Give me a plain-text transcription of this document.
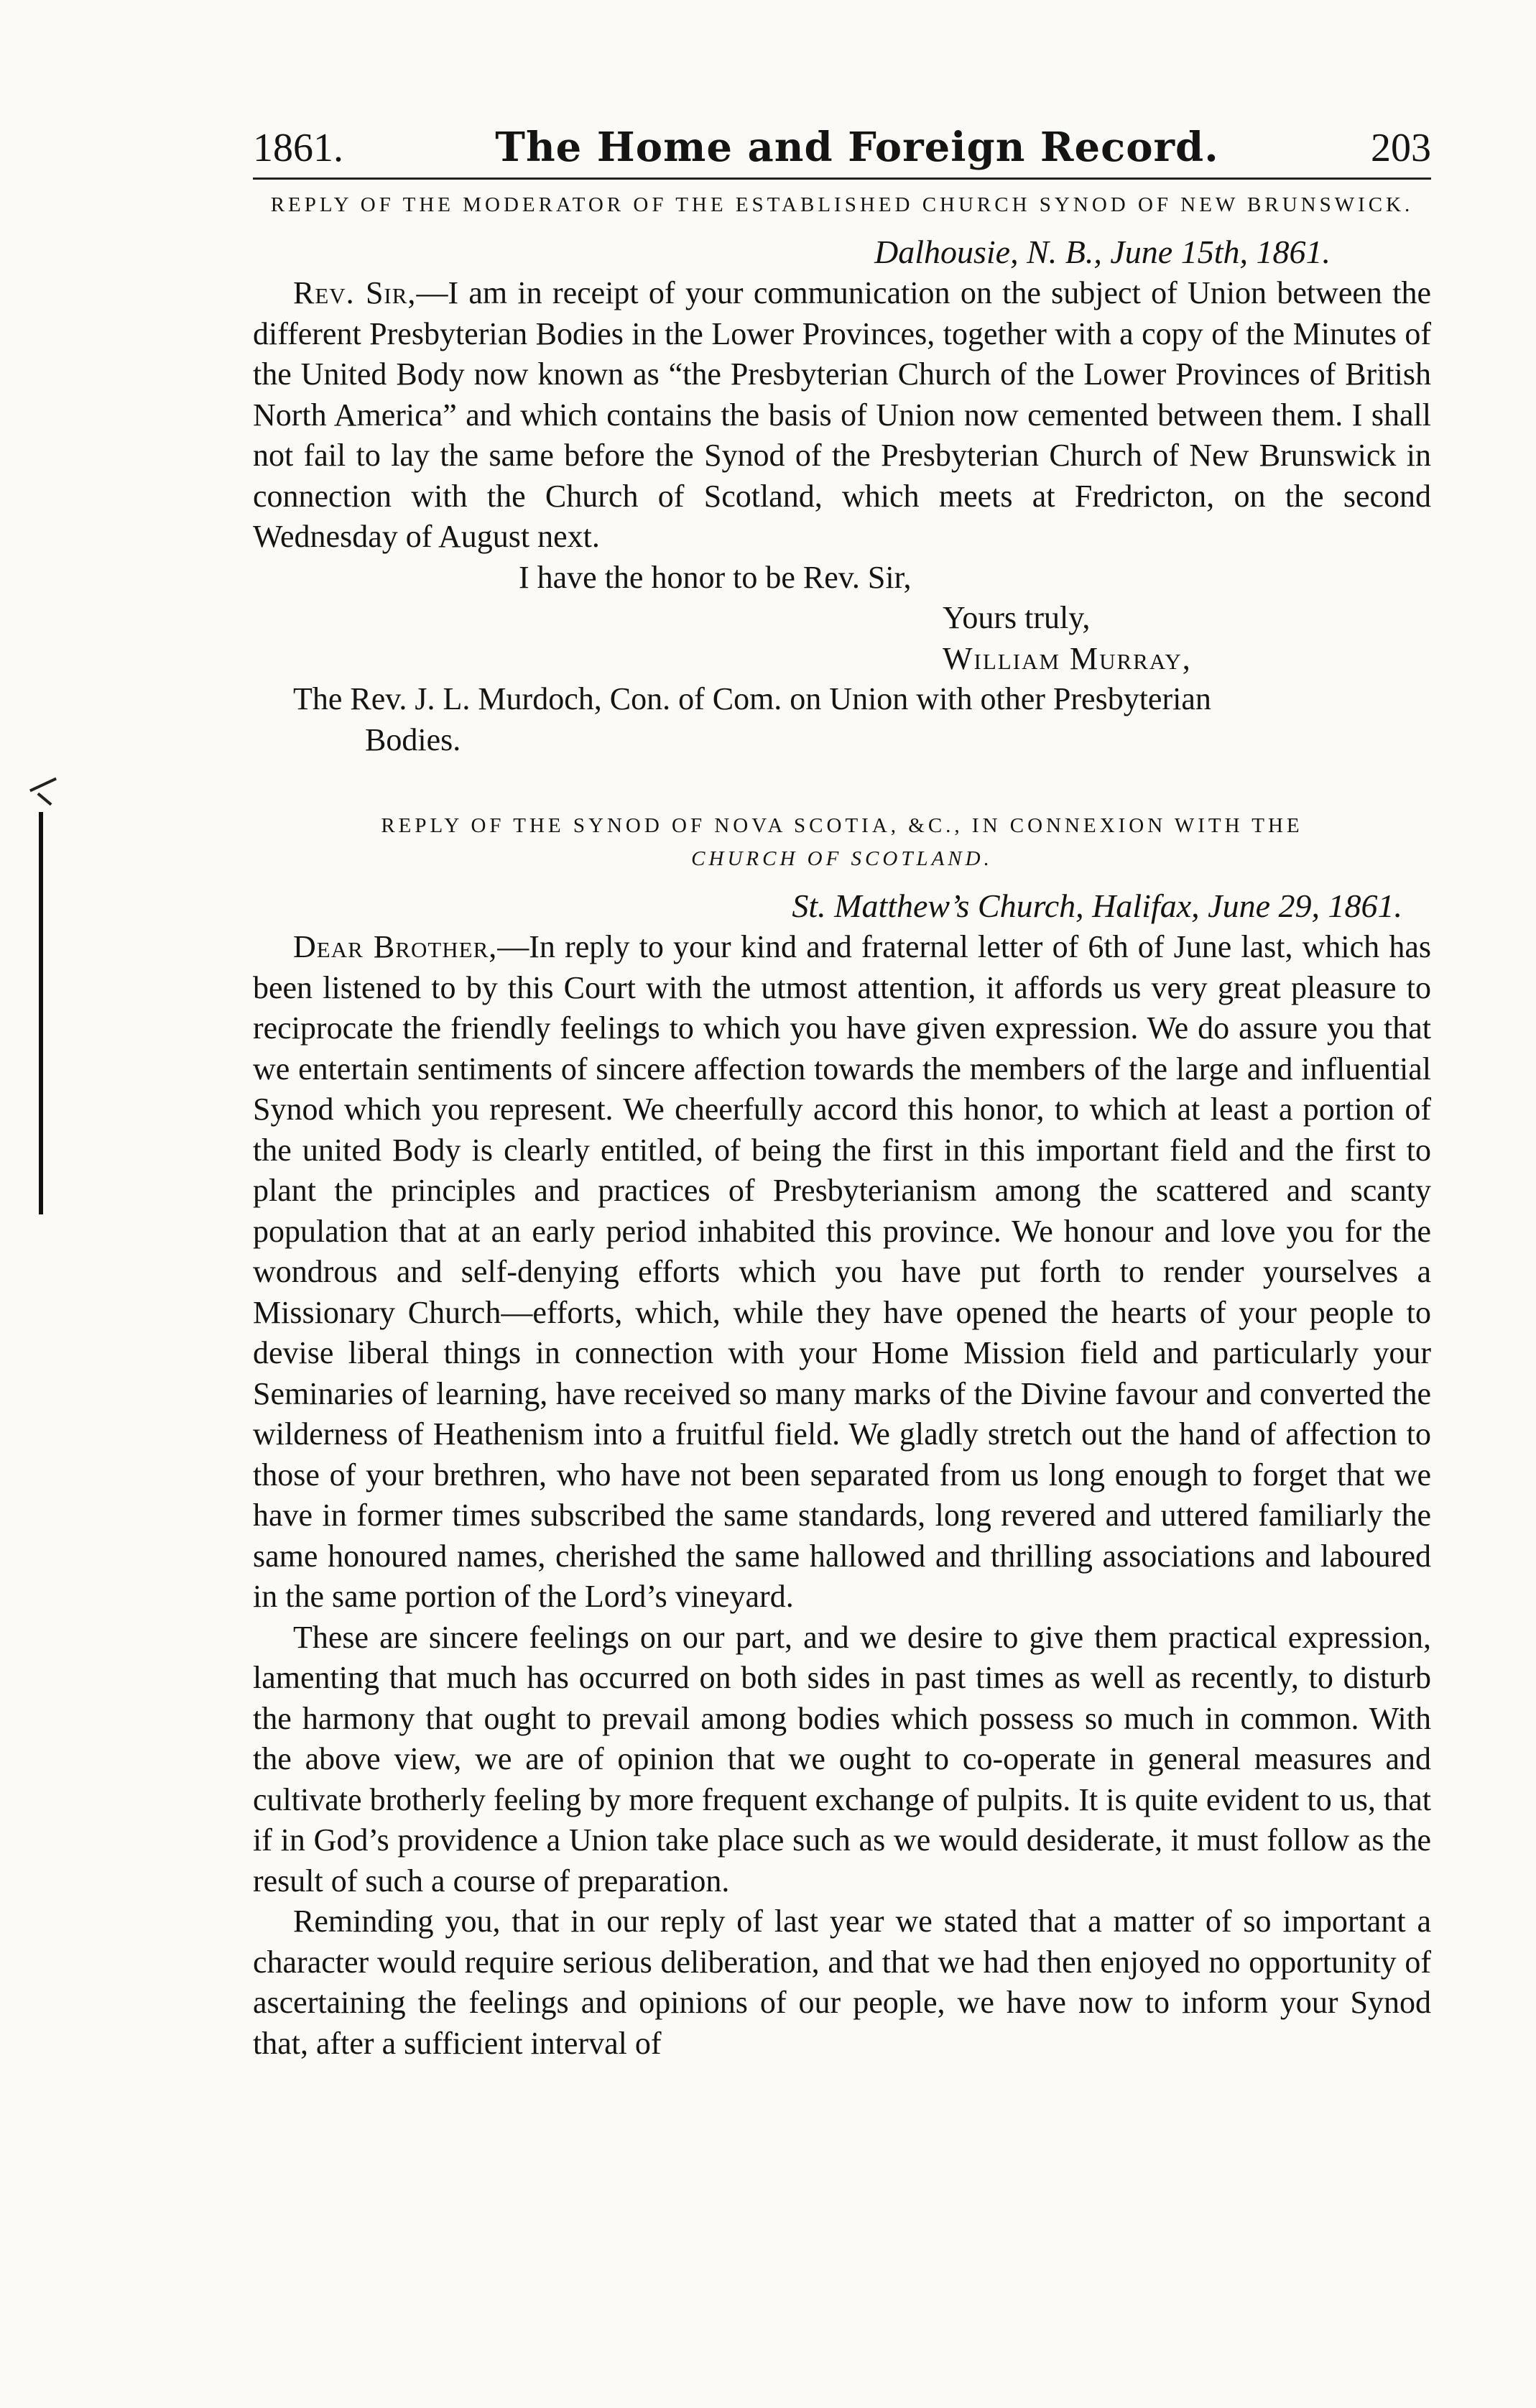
1861.	The Home and Foreign Record.	203
REPLY OF THE MODERATOR OF THE ESTABLISHED CHURCH SYNOD OF NEW BRUNSWICK.
Dalhousie, N. B., June 15th, 1861.

Rev. Sir,—I am in receipt of your communication on the subject of Union between the different Presbyterian Bodies in the Lower Provinces, together with a copy of the Minutes of the United Body now known as “the Presbyterian Church of the Lower Provinces of British North America” and which contains the basis of Union now cemented between them. I shall not fail to lay the same before the Synod of the Presbyterian Church of New Brunswick in connection with the Church of Scotland, which meets at Fredricton, on the second Wednesday of August next.

I have the honor to be Rev. Sir,
Yours truly,
William Murray,
The Rev. J. L. Murdoch, Con. of Com. on Union with other Presbyterian
Bodies.
REPLY OF THE SYNOD OF NOVA SCOTIA, &C., IN CONNEXION WITH THE
CHURCH OF SCOTLAND.
St. Matthew’s Church, Halifax, June 29, 1861.

Dear Brother,—In reply to your kind and fraternal letter of 6th of June last, which has been listened to by this Court with the utmost attention, it affords us very great pleasure to reciprocate the friendly feelings to which you have given expression. We do assure you that we entertain sentiments of sincere affection towards the members of the large and influential Synod which you represent. We cheerfully accord this honor, to which at least a portion of the united Body is clearly entitled, of being the first in this important field and the first to plant the principles and practices of Presbyterianism among the scattered and scanty population that at an early period inhabited this province. We honour and love you for the wondrous and self-denying efforts which you have put forth to render yourselves a Missionary Church—efforts, which, while they have opened the hearts of your people to devise liberal things in connection with your Home Mission field and particularly your Seminaries of learning, have received so many marks of the Divine favour and converted the wilderness of Heathenism into a fruitful field. We gladly stretch out the hand of affection to those of your brethren, who have not been separated from us long enough to forget that we have in former times subscribed the same standards, long revered and uttered familiarly the same honoured names, cherished the same hallowed and thrilling associations and laboured in the same portion of the Lord’s vineyard.

These are sincere feelings on our part, and we desire to give them practical expression, lamenting that much has occurred on both sides in past times as well as recently, to disturb the harmony that ought to prevail among bodies which possess so much in common. With the above view, we are of opinion that we ought to co-operate in general measures and cultivate brotherly feeling by more frequent exchange of pulpits. It is quite evident to us, that if in God’s providence a Union take place such as we would desiderate, it must follow as the result of such a course of preparation.

Reminding you, that in our reply of last year we stated that a matter of so important a character would require serious deliberation, and that we had then enjoyed no opportunity of ascertaining the feelings and opinions of our people, we have now to inform your Synod that, after a sufficient interval of
